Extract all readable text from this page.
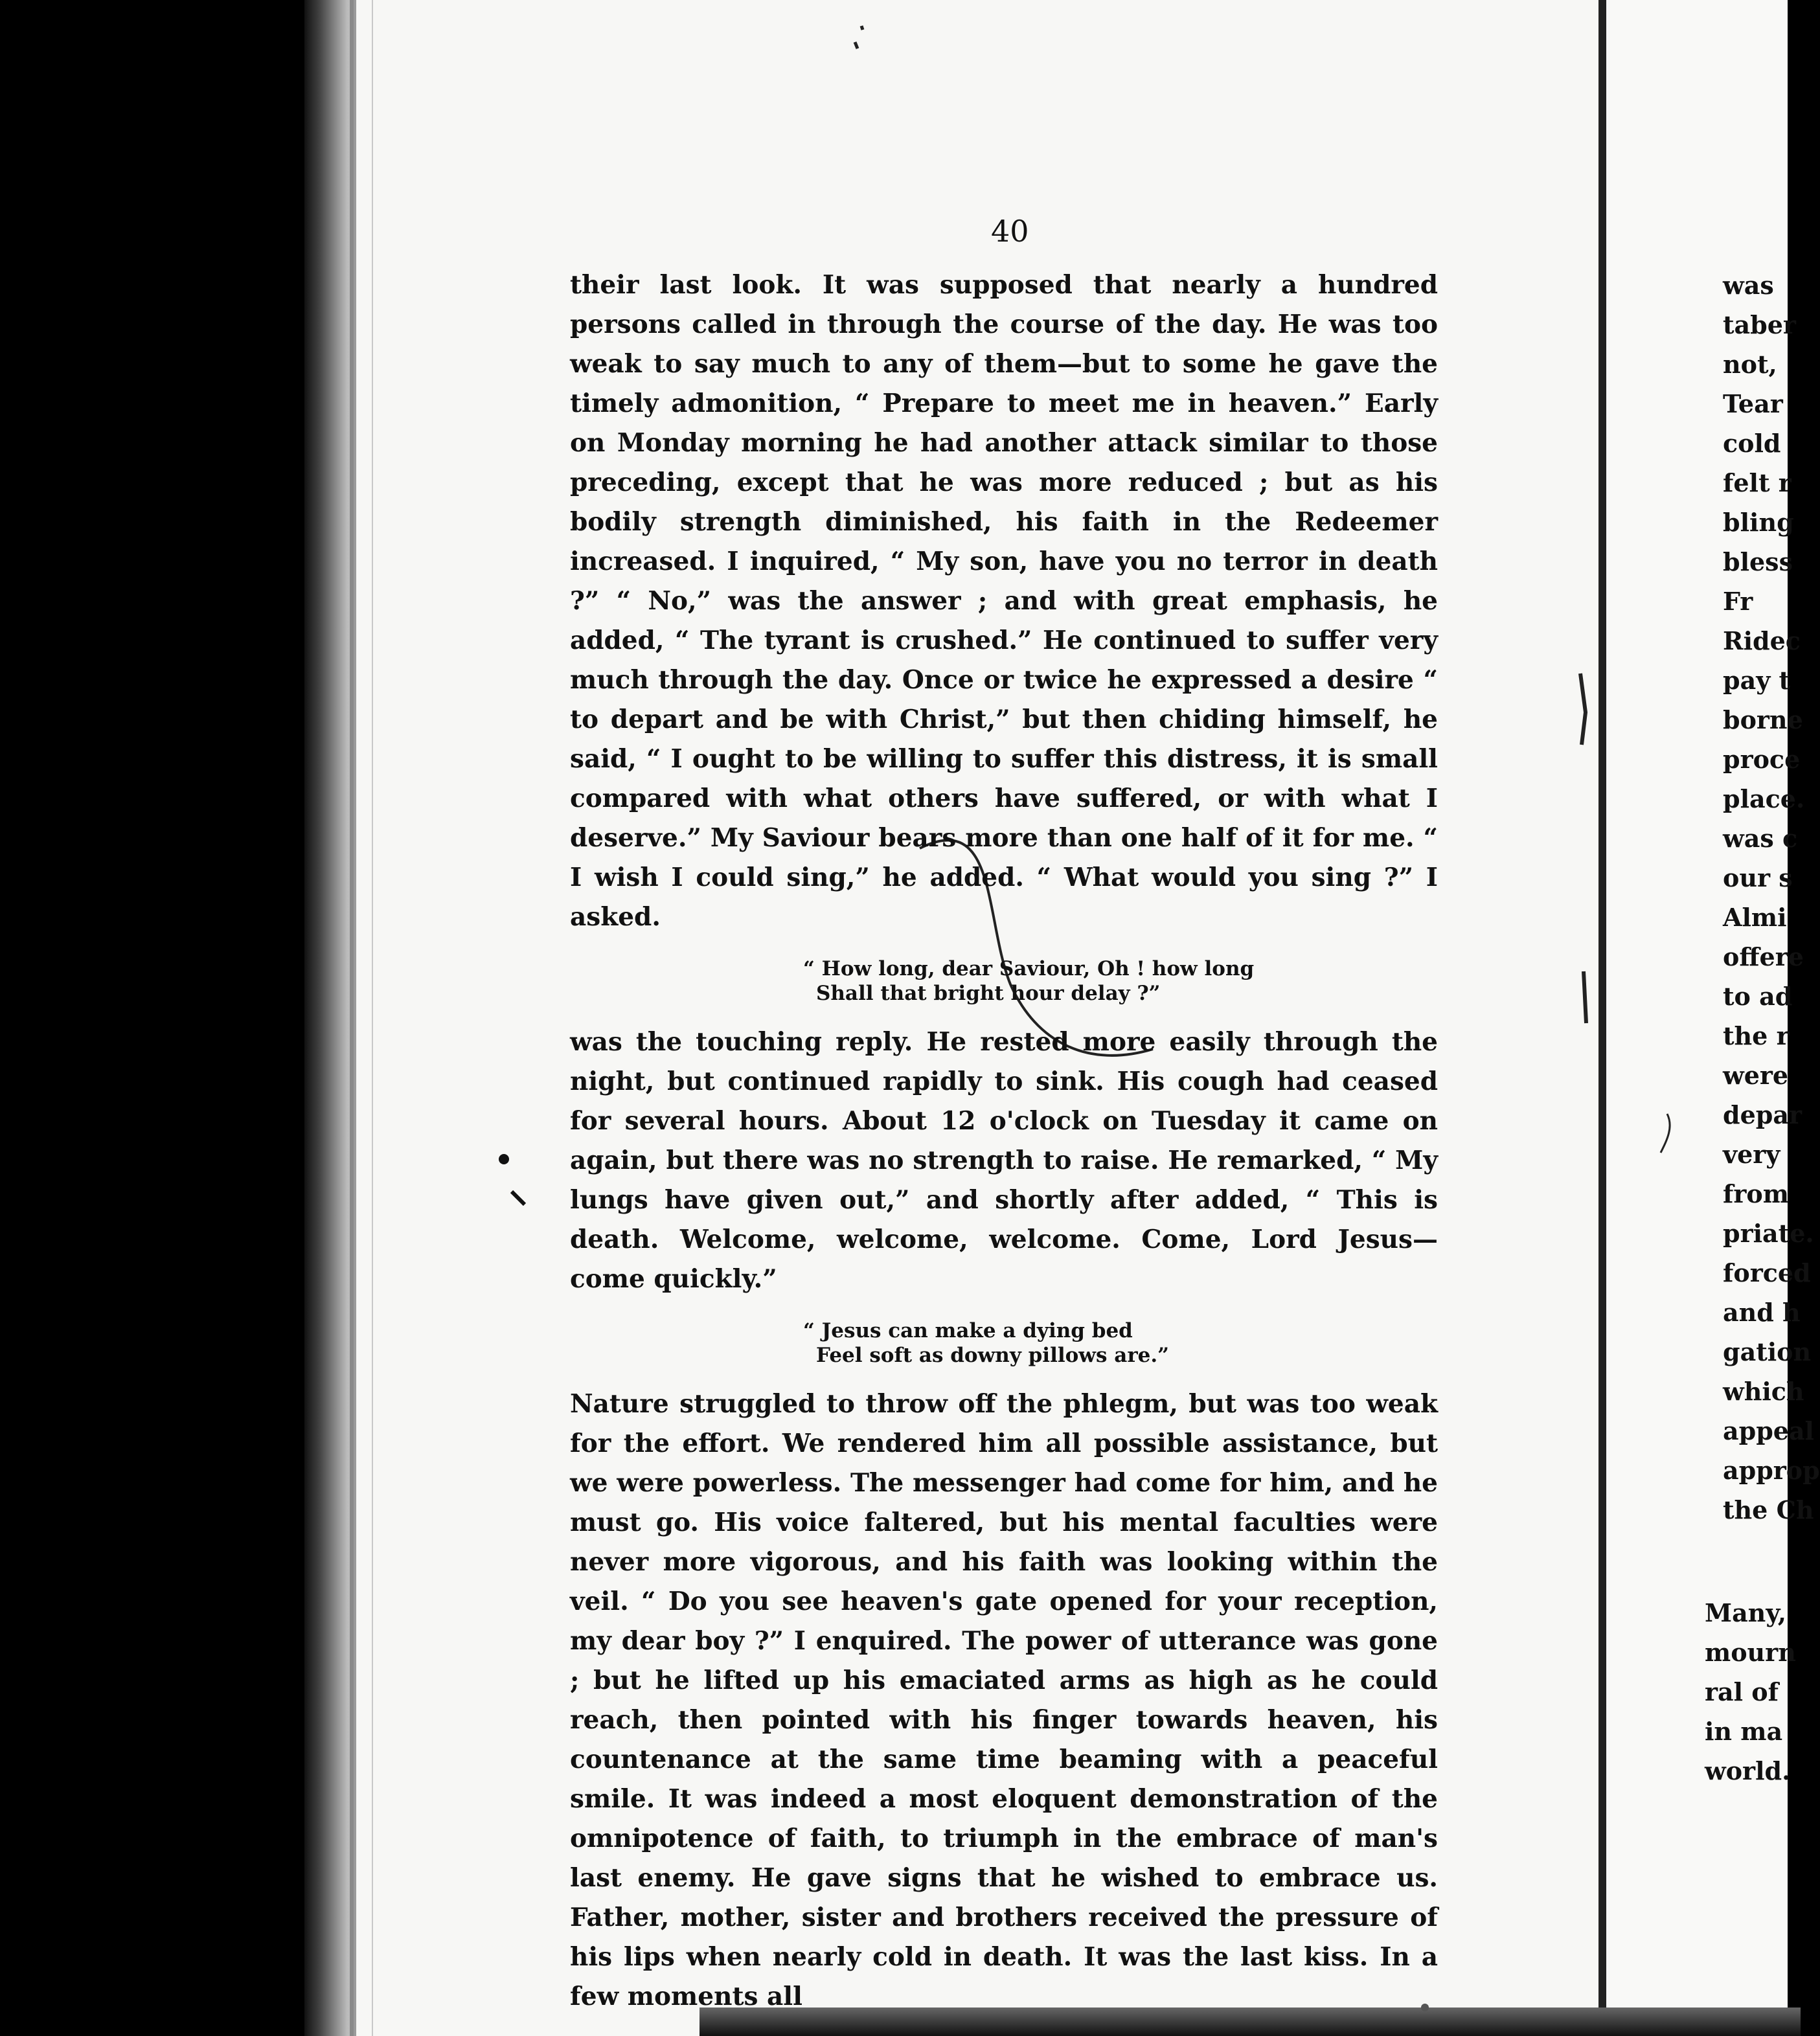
40

their last look. It was supposed that nearly a hundred persons called in through the course of the day. He was too weak to say much to any of them—but to some he gave the timely admonition, “ Prepare to meet me in heaven.” Early on Monday morning he had another attack similar to those preceding, except that he was more reduced ; but as his bodily strength diminished, his faith in the Redeemer increased. I inquired, “ My son, have you no terror in death ?” “ No,” was the answer ; and with great emphasis, he added, “ The tyrant is crushed.” He continued to suffer very much through the day. Once or twice he expressed a desire “ to depart and be with Christ,” but then chiding himself, he said, “ I ought to be willing to suffer this distress, it is small compared with what others have suffered, or with what I deserve.” My Saviour bears more than one half of it for me. “ I wish I could sing,” he added. “ What would you sing ?” I asked.

“ How long, dear Saviour, Oh ! how long
Shall that bright hour delay ?”

was the touching reply. He rested more easily through the night, but continued rapidly to sink. His cough had ceased for several hours. About 12 o'clock on Tuesday it came on again, but there was no strength to raise. He remarked, “ My lungs have given out,” and shortly after added, “ This is death. Welcome, welcome, welcome. Come, Lord Jesus—come quickly.”

“ Jesus can make a dying bed
Feel soft as downy pillows are.”

Nature struggled to throw off the phlegm, but was too weak for the effort. We rendered him all possible assistance, but we were powerless. The messenger had come for him, and he must go. His voice faltered, but his mental faculties were never more vigorous, and his faith was looking within the veil. “ Do you see heaven's gate opened for your reception, my dear boy ?” I enquired. The power of utterance was gone ; but he lifted up his emaciated arms as high as he could reach, then pointed with his finger towards heaven, his countenance at the same time beaming with a peaceful smile. It was indeed a most eloquent demonstration of the omnipotence of faith, to triumph in the embrace of man's last enemy. He gave signs that he wished to embrace us. Father, mother, sister and brothers received the pressure of his lips when nearly cold in death. It was the last kiss. In a few moments all

was
taber
not,
Tear
cold
felt r
bling
bless
Fr
Ridec
pay t
borne
proce
place.
was c
our s
Almi
offere
to ad
the r
were
depar
very
from
priate.
forced
and h
gation
which
appeal
approp
the Ch
Many,
mourn
ral of
in ma
world.
